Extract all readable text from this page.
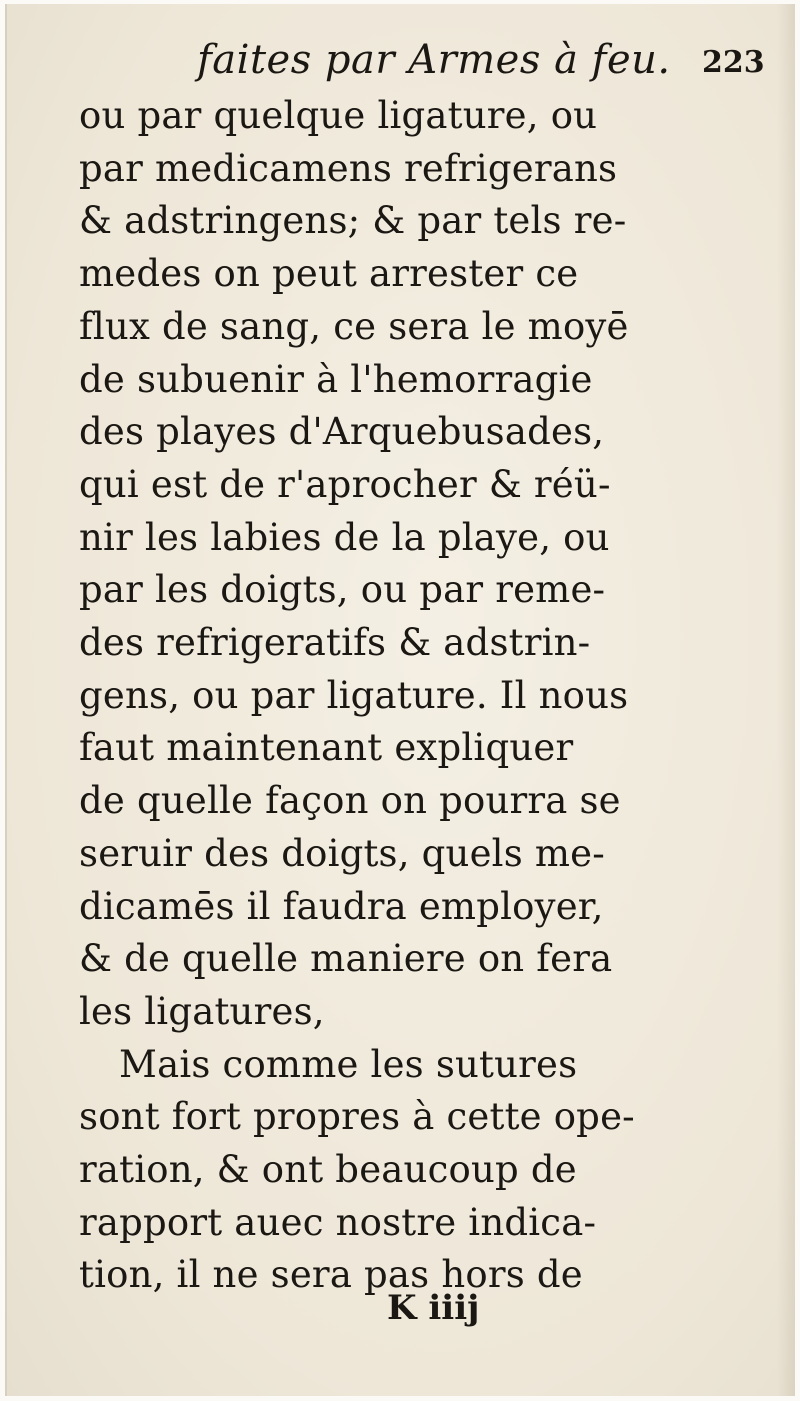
faites par Armes à feu. 223
ou par quelque ligature, ou
par medicamens refrigerans
& adstringens; & par tels re-
medes on peut arrester ce
flux de sang, ce sera le moyē
de subuenir à l'hemorragie
des playes d'Arquebusades,
qui est de r'aprocher & réü-
nir les labies de la playe, ou
par les doigts, ou par reme-
des refrigeratifs & adstrin-
gens, ou par ligature. Il nous
faut maintenant expliquer
de quelle façon on pourra se
seruir des doigts, quels me-
dicamēs il faudra employer,
& de quelle maniere on fera
les ligatures,
Mais comme les sutures
sont fort propres à cette ope-
ration, & ont beaucoup de
rapport auec nostre indica-
tion, il ne sera pas hors de
K iiij
